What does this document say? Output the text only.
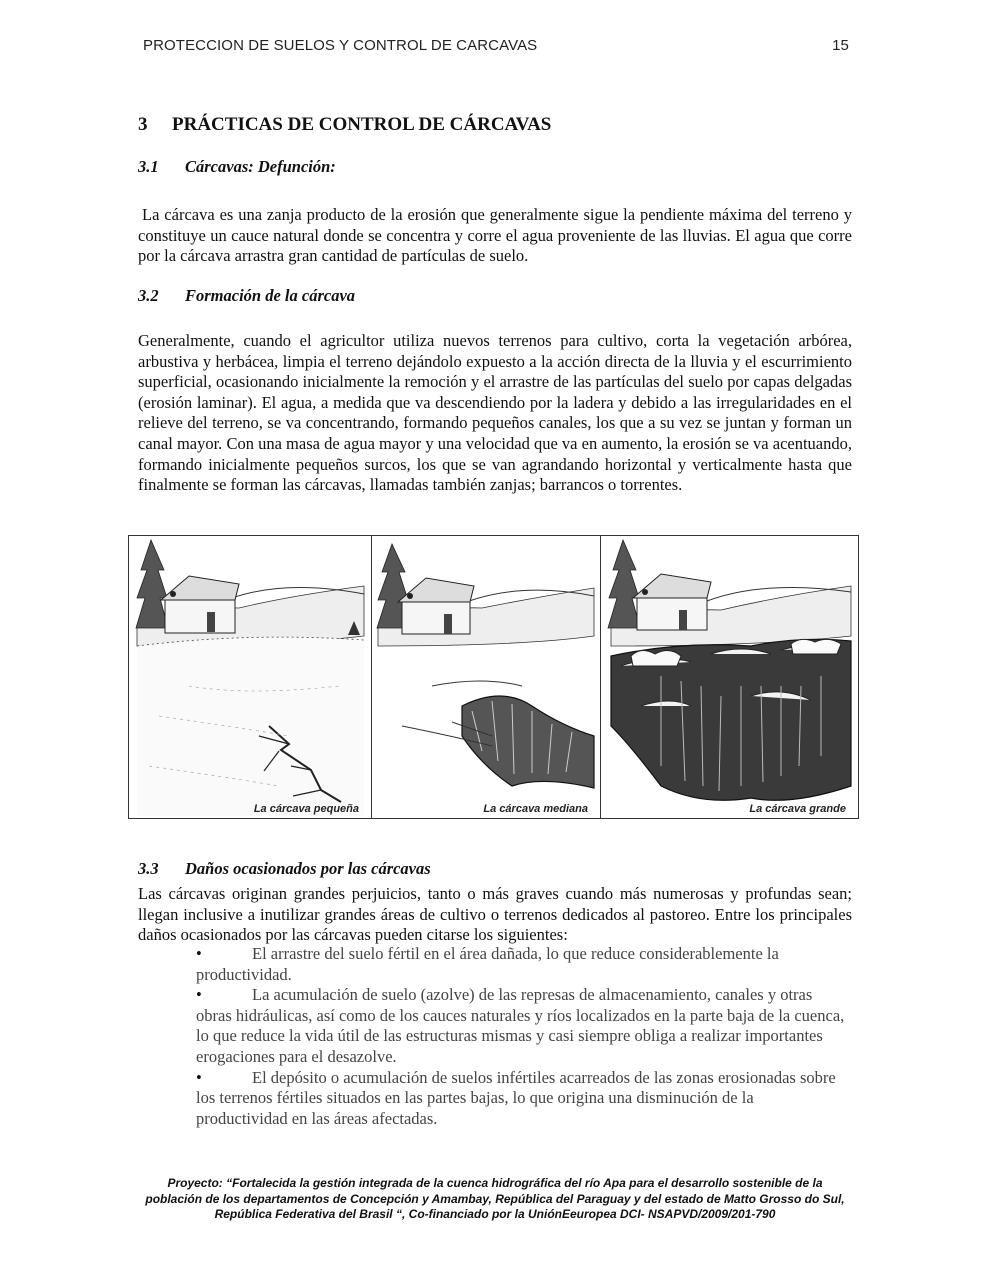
PROTECCION DE SUELOS Y CONTROL DE CARCAVAS	15
3 PRÁCTICAS DE CONTROL DE CÁRCAVAS
3.1 Cárcavas: Defunción:
La cárcava es una zanja producto de la erosión que generalmente sigue la pendiente máxima del terreno y constituye un cauce natural donde se concentra y corre el agua proveniente de las lluvias. El agua que corre por la cárcava arrastra gran cantidad de partículas de suelo.
3.2 Formación de la cárcava
Generalmente, cuando el agricultor utiliza nuevos terrenos para cultivo, corta la vegetación arbórea, arbustiva y herbácea, limpia el terreno dejándolo expuesto a la acción directa de la lluvia y el escurrimiento superficial, ocasionando inicialmente la remoción y el arrastre de las partículas del suelo por capas delgadas (erosión laminar). El agua, a medida que va descendiendo por la ladera y debido a las irregularidades en el relieve del terreno, se va concentrando, formando pequeños canales, los que a su vez se juntan y forman un canal mayor. Con una masa de agua mayor y una velocidad que va en aumento, la erosión se va acentuando, formando inicialmente pequeños surcos, los que se van agrandando horizontal y verticalmente hasta que finalmente se forman las cárcavas, llamadas también zanjas; barrancos o torrentes.
La cárcava pequeña	La cárcava mediana	La cárcava grande
3.3 Daños ocasionados por las cárcavas
Las cárcavas originan grandes perjuicios, tanto o más graves cuando más numerosas y profundas sean; llegan inclusive a inutilizar grandes áreas de cultivo o terrenos dedicados al pastoreo. Entre los principales daños ocasionados por las cárcavas pueden citarse los siguientes:

•	El arrastre del suelo fértil en el área dañada, lo que reduce considerablemente la productividad.

•	La acumulación de suelo (azolve) de las represas de almacenamiento, canales y otras obras hidráulicas, así como de los cauces naturales y ríos localizados en la parte baja de la cuenca, lo que reduce la vida útil de las estructuras mismas y casi siempre obliga a realizar importantes erogaciones para el desazolve.

•	El depósito o acumulación de suelos infértiles acarreados de las zonas erosionadas sobre los terrenos fértiles situados en las partes bajas, lo que origina una disminución de la productividad en las áreas afectadas.

Proyecto: “Fortalecida la gestión integrada de la cuenca hidrográfica del río Apa para el desarrollo sostenible de la población de los departamentos de Concepción y Amambay, República del Paraguay y del estado de Matto Grosso do Sul, República Federativa del Brasil “, Co-financiado por la UniónEeuropea DCI- NSAPVD/2009/201-790
